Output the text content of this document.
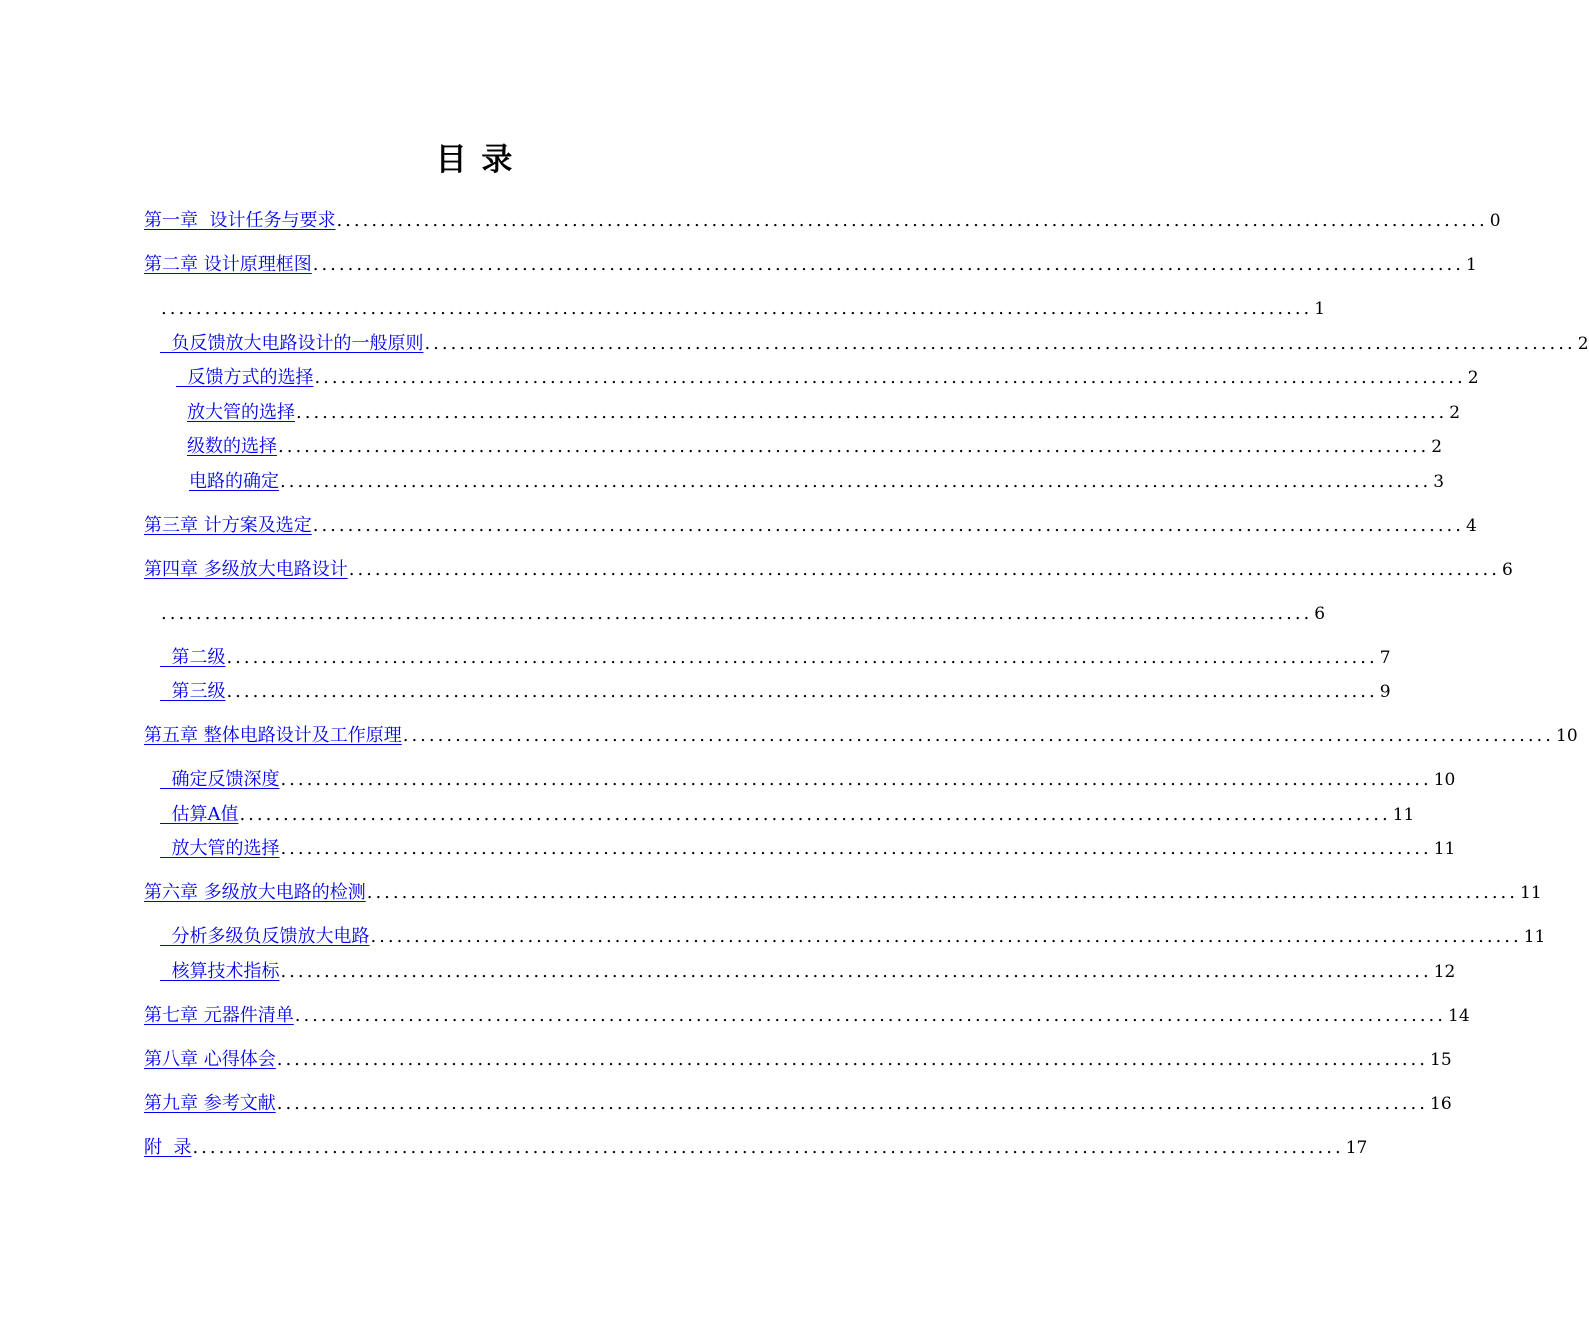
目 录
第一章  设计任务与要求 .................................................................................................................................... 0
第二章 设计原理框图 .................................................................................................................................... 1
.................................................................................................................................... 1
负反馈放大电路设计的一般原则 .................................................................................................................................... 2
反馈方式的选择 .................................................................................................................................... 2
放大管的选择 .................................................................................................................................... 2
级数的选择 .................................................................................................................................... 2
电路的确定 .................................................................................................................................... 3
第三章 计方案及选定 .................................................................................................................................... 4
第四章 多级放大电路设计 .................................................................................................................................... 6
.................................................................................................................................... 6
第二级 .................................................................................................................................... 7
第三级 .................................................................................................................................... 9
第五章 整体电路设计及工作原理 .................................................................................................................................... 10
确定反馈深度 .................................................................................................................................... 10
估算A值 .................................................................................................................................... 11
放大管的选择 .................................................................................................................................... 11
第六章 多级放大电路的检测 .................................................................................................................................... 11
分析多级负反馈放大电路 .................................................................................................................................... 11
核算技术指标 .................................................................................................................................... 12
第七章 元器件清单 .................................................................................................................................... 14
第八章 心得体会 .................................................................................................................................... 15
第九章 参考文献 .................................................................................................................................... 16
附  录 .................................................................................................................................... 17
